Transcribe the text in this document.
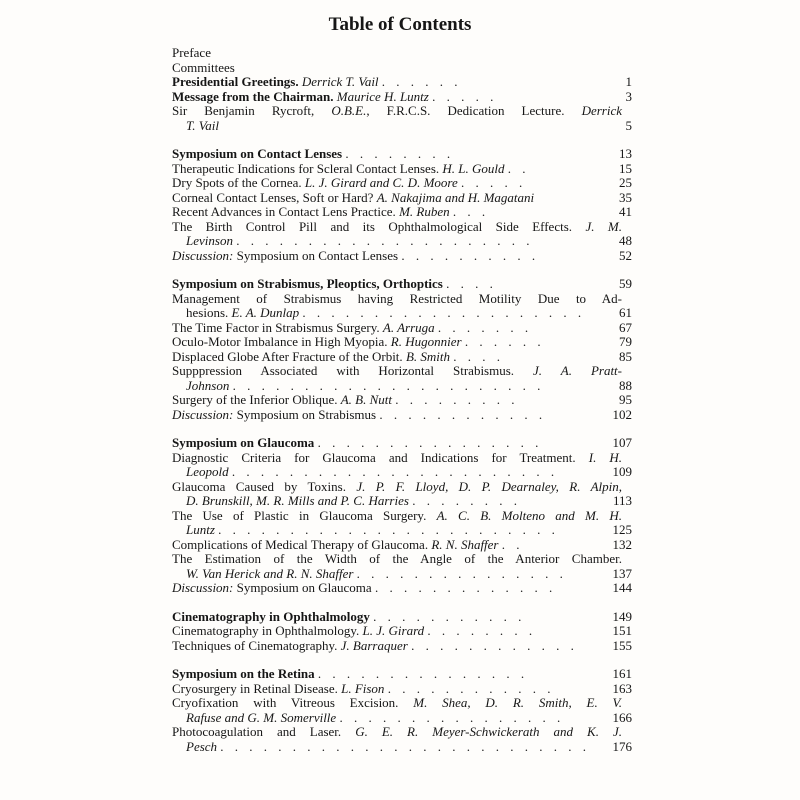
Table of Contents
Preface
Committees
Presidential Greetings. Derrick T. Vail . . . . . .	1
Message from the Chairman. Maurice H. Luntz . . . . .	3
Sir Benjamin Rycroft, O.B.E., F.R.C.S. Dedication Lecture. Derrick
T. Vail	5
Symposium on Contact Lenses . . . . . . . .	13
Therapeutic Indications for Scleral Contact Lenses. H. L. Gould . .	15
Dry Spots of the Cornea. L. J. Girard and C. D. Moore . . . . .	25
Corneal Contact Lenses, Soft or Hard? A. Nakajima and H. Magatani	35
Recent Advances in Contact Lens Practice. M. Ruben . . .	41
The Birth Control Pill and its Ophthalmological Side Effects. J. M.
Levinson . . . . . . . . . . . . . . . . . . . . .	48
Discussion: Symposium on Contact Lenses . . . . . . . . . .	52
Symposium on Strabismus, Pleoptics, Orthoptics . . . .	59
Management of Strabismus having Restricted Motility Due to Ad-
hesions. E. A. Dunlap . . . . . . . . . . . . . . . . . . . .	61
The Time Factor in Strabismus Surgery. A. Arruga . . . . . . .	67
Oculo-Motor Imbalance in High Myopia. R. Hugonnier . . . . . .	79
Displaced Globe After Fracture of the Orbit. B. Smith . . . .	85
Supppression Associated with Horizontal Strabismus. J. A. Pratt-
Johnson . . . . . . . . . . . . . . . . . . . . . .	88
Surgery of the Inferior Oblique. A. B. Nutt . . . . . . . . .	95
Discussion: Symposium on Strabismus . . . . . . . . . . . .	102
Symposium on Glaucoma . . . . . . . . . . . . . . . .	107
Diagnostic Criteria for Glaucoma and Indications for Treatment. I. H.
Leopold . . . . . . . . . . . . . . . . . . . . . . .	109
Glaucoma Caused by Toxins. J. P. F. Lloyd, D. P. Dearnaley, R. Alpin,
D. Brunskill, M. R. Mills and P. C. Harries . . . . . . . .	113
The Use of Plastic in Glaucoma Surgery. A. C. B. Molteno and M. H.
Luntz . . . . . . . . . . . . . . . . . . . . . . . .	125
Complications of Medical Therapy of Glaucoma. R. N. Shaffer . .	132
The Estimation of the Width of the Angle of the Anterior Chamber.
W. Van Herick and R. N. Shaffer . . . . . . . . . . . . . . .	137
Discussion: Symposium on Glaucoma . . . . . . . . . . . . .	144
Cinematography in Ophthalmology . . . . . . . . . . .	149
Cinematography in Ophthalmology. L. J. Girard . . . . . . . .	151
Techniques of Cinematography. J. Barraquer . . . . . . . . . . . .	155
Symposium on the Retina . . . . . . . . . . . . . . .	161
Cryosurgery in Retinal Disease. L. Fison . . . . . . . . . . . .	163
Cryofixation with Vitreous Excision. M. Shea, D. R. Smith, E. V.
Rafuse and G. M. Somerville . . . . . . . . . . . . . . . .	166
Photocoagulation and Laser. G. E. R. Meyer-Schwickerath and K. J.
Pesch . . . . . . . . . . . . . . . . . . . . . . . . . .	176
